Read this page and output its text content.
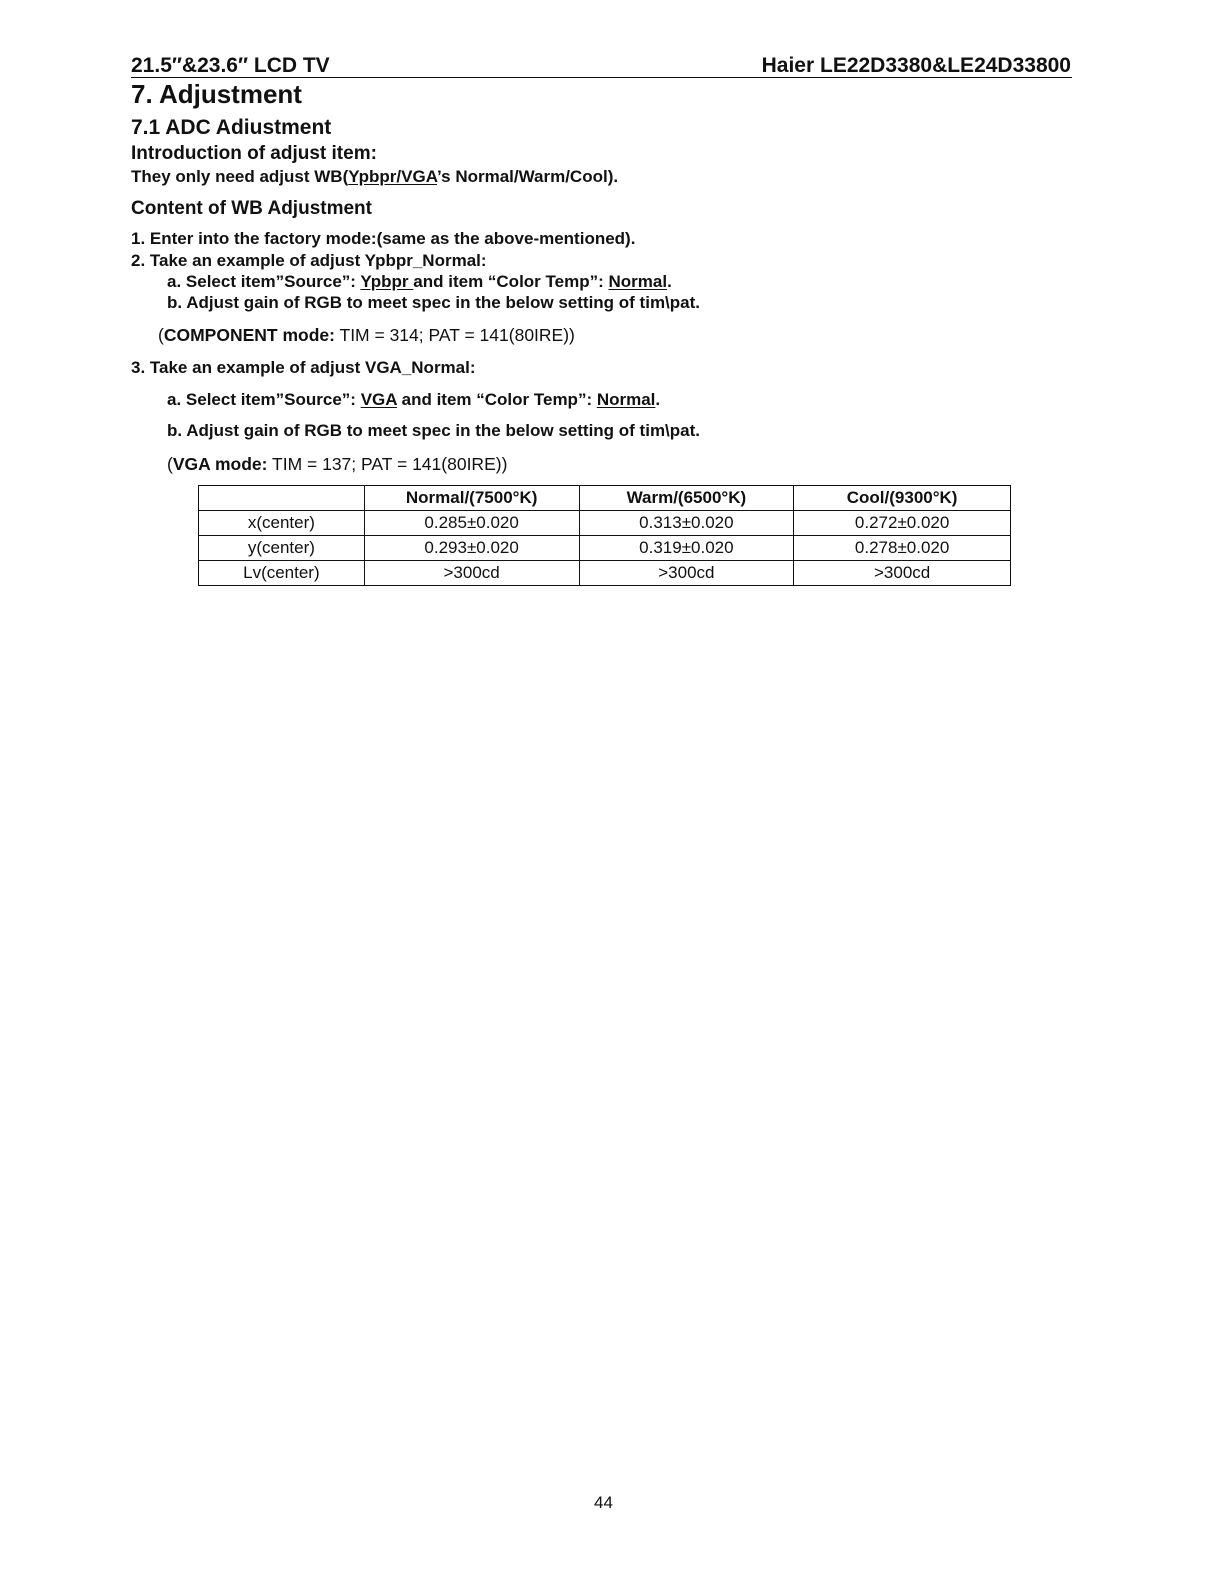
21.5″&23.6″ LCD TV	Haier LE22D3380&LE24D33800
7. Adjustment
7.1 ADC Adiustment
Introduction of adjust item:
They only need adjust WB(Ypbpr/VGA’s Normal/Warm/Cool).
Content of WB Adjustment
1. Enter into the factory mode:(same as the above-mentioned).
2. Take an example of adjust Ypbpr_Normal:
a. Select item”Source”: Ypbpr and item “Color Temp”: Normal.
b. Adjust gain of RGB to meet spec in the below setting of tim\pat.
(COMPONENT mode: TIM = 314; PAT = 141(80IRE))
3. Take an example of adjust VGA_Normal:
a. Select item”Source”: VGA and item “Color Temp”: Normal.
b. Adjust gain of RGB to meet spec in the below setting of tim\pat.
(VGA mode: TIM = 137; PAT = 141(80IRE))
	Normal/(7500°K)	Warm/(6500°K)	Cool/(9300°K)
x(center)	0.285±0.020	0.313±0.020	0.272±0.020
y(center)	0.293±0.020	0.319±0.020	0.278±0.020
Lv(center)	>300cd	>300cd	>300cd
44
